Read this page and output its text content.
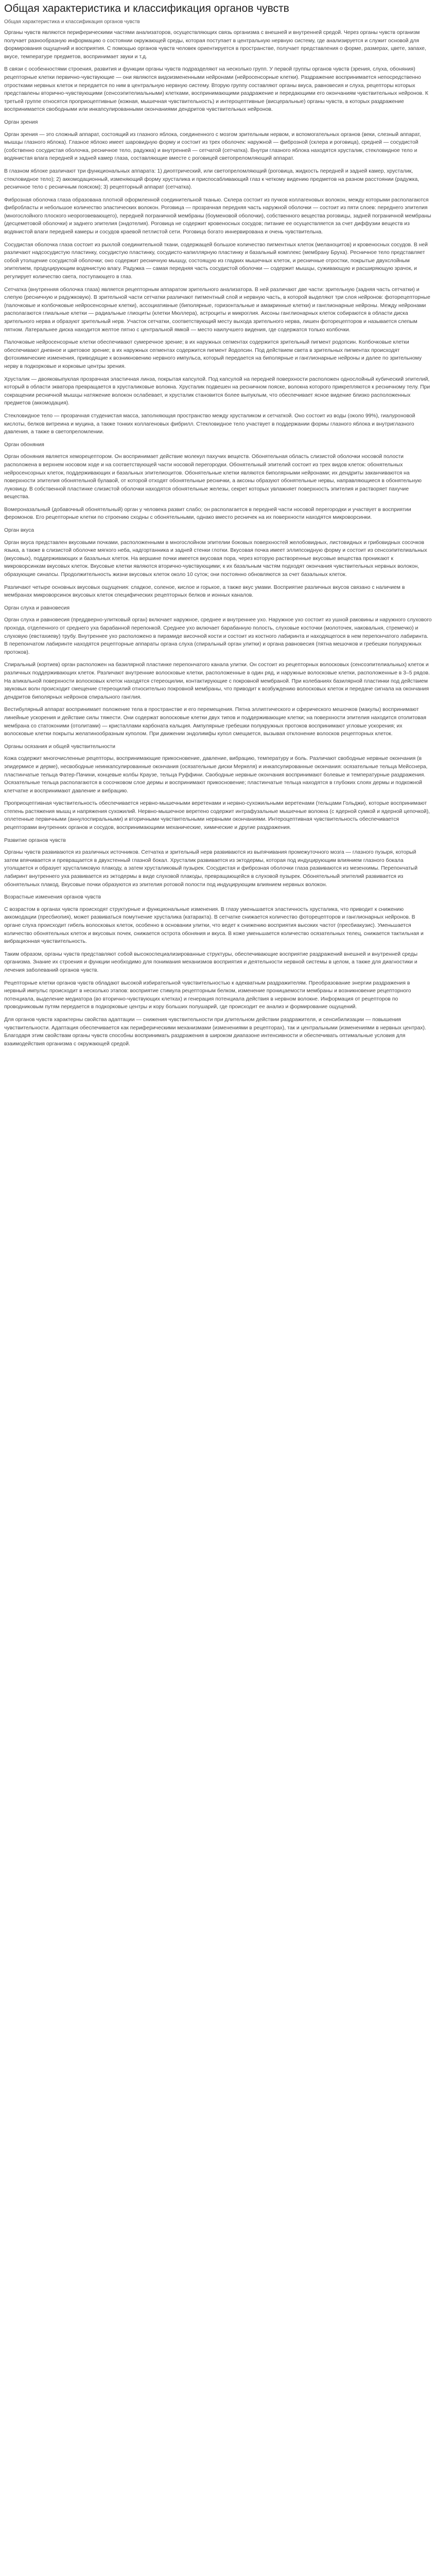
Общая характеристика и классификация органов чувств
Общая характеристика и классификация органов чувств

Органы чувств являются периферическими частями анализаторов, осуществляющих связь организма с внешней и внутренней средой. Через органы чувств организм получает разнообразную информацию о состоянии окружающей среды, которая поступает в центральную нервную систему, где анализируется и служит основой для формирования ощущений и восприятия. С помощью органов чувств человек ориентируется в пространстве, получает представления о форме, размерах, цвете, запахе, вкусе, температуре предметов, воспринимает звуки и т.д.

В связи с особенностями строения, развития и функции органы чувств подразделяют на несколько групп. У первой группы органов чувств (зрения, слуха, обоняния) рецепторные клетки первично-чувствующие — они являются видоизмененными нейронами (нейросенсорные клетки). Раздражение воспринимается непосредственно отростками нервных клеток и передается по ним в центральную нервную систему. Вторую группу составляют органы вкуса, равновесия и слуха, рецепторы которых представлены вторично-чувствующими (сенсоэпителиальными) клетками, воспринимающими раздражение и передающими его окончаниям чувствительных нейронов. К третьей группе относятся проприоцептивные (кожная, мышечная чувствительность) и интероцептивные (висцеральные) органы чувств, в которых раздражение воспринимается свободными или инкапсулированными окончаниями дендритов чувствительных нейронов.

Орган зрения

Орган зрения — это сложный аппарат, состоящий из глазного яблока, соединенного с мозгом зрительным нервом, и вспомогательных органов (веки, слезный аппарат, мышцы глазного яблока). Глазное яблоко имеет шаровидную форму и состоит из трех оболочек: наружной — фиброзной (склера и роговица), средней — сосудистой (собственно сосудистая оболочка, ресничное тело, радужка) и внутренней — сетчатой (сетчатка). Внутри глазного яблока находятся хрусталик, стекловидное тело и водянистая влага передней и задней камер глаза, составляющие вместе с роговицей светопреломляющий аппарат.

В глазном яблоке различают три функциональных аппарата: 1) диоптрический, или светопреломляющий (роговица, жидкость передней и задней камер, хрусталик, стекловидное тело); 2) аккомодационный, изменяющий форму хрусталика и приспосабливающий глаз к четкому видению предметов на разном расстоянии (радужка, ресничное тело с ресничным пояском); 3) рецепторный аппарат (сетчатка).

Фиброзная оболочка глаза образована плотной оформленной соединительной тканью. Склера состоит из пучков коллагеновых волокон, между которыми располагаются фибробласты и небольшое количество эластических волокон. Роговица — прозрачная передняя часть наружной оболочки — состоит из пяти слоев: переднего эпителия (многослойного плоского неороговевающего), передней пограничной мембраны (боуменовой оболочки), собственного вещества роговицы, задней пограничной мембраны (десцеметовой оболочки) и заднего эпителия (эндотелия). Роговица не содержит кровеносных сосудов; питание ее осуществляется за счет диффузии веществ из водянистой влаги передней камеры и сосудов краевой петлистой сети. Роговица богато иннервирована и очень чувствительна.

Сосудистая оболочка глаза состоит из рыхлой соединительной ткани, содержащей большое количество пигментных клеток (меланоцитов) и кровеносных сосудов. В ней различают надсосудистую пластинку, сосудистую пластинку, сосудисто-капиллярную пластинку и базальный комплекс (мембрану Бруха). Ресничное тело представляет собой утолщение сосудистой оболочки; оно содержит ресничную мышцу, состоящую из гладких мышечных клеток, и ресничные отростки, покрытые двухслойным эпителием, продуцирующим водянистую влагу. Радужка — самая передняя часть сосудистой оболочки — содержит мышцы, суживающую и расширяющую зрачок, и регулирует количество света, поступающего в глаз.

Сетчатка (внутренняя оболочка глаза) является рецепторным аппаратом зрительного анализатора. В ней различают две части: зрительную (задняя часть сетчатки) и слепую (ресничную и радужковую). В зрительной части сетчатки различают пигментный слой и нервную часть, в которой выделяют три слоя нейронов: фоторецепторные (палочковые и колбочковые нейросенсорные клетки), ассоциативные (биполярные, горизонтальные и амакринные клетки) и ганглионарные нейроны. Между нейронами располагаются глиальные клетки — радиальные глиоциты (клетки Мюллера), астроциты и микроглия. Аксоны ганглионарных клеток собираются в области диска зрительного нерва и образуют зрительный нерв. Участок сетчатки, соответствующий месту выхода зрительного нерва, лишен фоторецепторов и называется слепым пятном. Латеральнее диска находится желтое пятно с центральной ямкой — место наилучшего видения, где содержатся только колбочки.

Палочковые нейросенсорные клетки обеспечивают сумеречное зрение; в их наружных сегментах содержится зрительный пигмент родопсин. Колбочковые клетки обеспечивают дневное и цветовое зрение; в их наружных сегментах содержится пигмент йодопсин. Под действием света в зрительных пигментах происходят фотохимические изменения, приводящие к возникновению нервного импульса, который передается на биполярные и ганглионарные нейроны и далее по зрительному нерву в подкорковые и корковые центры зрения.

Хрусталик — двояковыпуклая прозрачная эластичная линза, покрытая капсулой. Под капсулой на передней поверхности расположен однослойный кубический эпителий, который в области экватора превращается в хрусталиковые волокна. Хрусталик подвешен на ресничном пояске, волокна которого прикрепляются к ресничному телу. При сокращении ресничной мышцы натяжение волокон ослабевает, и хрусталик становится более выпуклым, что обеспечивает ясное видение близко расположенных предметов (аккомодация).

Стекловидное тело — прозрачная студенистая масса, заполняющая пространство между хрусталиком и сетчаткой. Оно состоит из воды (около 99%), гиалуроновой кислоты, белков витреина и муцина, а также тонких коллагеновых фибрилл. Стекловидное тело участвует в поддержании формы глазного яблока и внутриглазного давления, а также в светопреломлении.

Орган обоняния

Орган обоняния является хеморецептором. Он воспринимает действие молекул пахучих веществ. Обонятельная область слизистой оболочки носовой полости расположена в верхнем носовом ходе и на соответствующей части носовой перегородки. Обонятельный эпителий состоит из трех видов клеток: обонятельных нейросенсорных клеток, поддерживающих и базальных эпителиоцитов. Обонятельные клетки являются биполярными нейронами; их дендриты заканчиваются на поверхности эпителия обонятельной булавой, от которой отходят обонятельные реснички, а аксоны образуют обонятельные нервы, направляющиеся в обонятельную луковицу. В собственной пластинке слизистой оболочки находятся обонятельные железы, секрет которых увлажняет поверхность эпителия и растворяет пахучие вещества.

Вомероназальный (добавочный обонятельный) орган у человека развит слабо; он располагается в передней части носовой перегородки и участвует в восприятии феромонов. Его рецепторные клетки по строению сходны с обонятельными, однако вместо ресничек на их поверхности находятся микроворсинки.

Орган вкуса

Орган вкуса представлен вкусовыми почками, расположенными в многослойном эпителии боковых поверхностей желобовидных, листовидных и грибовидных сосочков языка, а также в слизистой оболочке мягкого неба, надгортанника и задней стенки глотки. Вкусовая почка имеет эллипсоидную форму и состоит из сенсоэпителиальных (вкусовых), поддерживающих и базальных клеток. На вершине почки имеется вкусовая пора, через которую растворенные вкусовые вещества проникают к микроворсинкам вкусовых клеток. Вкусовые клетки являются вторично-чувствующими; к их базальным частям подходят окончания чувствительных нервных волокон, образующие синапсы. Продолжительность жизни вкусовых клеток около 10 суток; они постоянно обновляются за счет базальных клеток.

Различают четыре основных вкусовых ощущения: сладкое, соленое, кислое и горькое, а также вкус умами. Восприятие различных вкусов связано с наличием в мембранах микроворсинок вкусовых клеток специфических рецепторных белков и ионных каналов.

Орган слуха и равновесия

Орган слуха и равновесия (преддверно-улитковый орган) включает наружное, среднее и внутреннее ухо. Наружное ухо состоит из ушной раковины и наружного слухового прохода, отделенного от среднего уха барабанной перепонкой. Среднее ухо включает барабанную полость, слуховые косточки (молоточек, наковальня, стремечко) и слуховую (евстахиеву) трубу. Внутреннее ухо расположено в пирамиде височной кости и состоит из костного лабиринта и находящегося в нем перепончатого лабиринта. В перепончатом лабиринте находятся рецепторные аппараты органа слуха (спиральный орган улитки) и органа равновесия (пятна мешочков и гребешки полукружных протоков).

Спиральный (кортиев) орган расположен на базилярной пластинке перепончатого канала улитки. Он состоит из рецепторных волосковых (сенсоэпителиальных) клеток и различных поддерживающих клеток. Различают внутренние волосковые клетки, расположенные в один ряд, и наружные волосковые клетки, расположенные в 3–5 рядов. На апикальной поверхности волосковых клеток находятся стереоцилии, контактирующие с покровной мембраной. При колебаниях базилярной пластинки под действием звуковых волн происходит смещение стереоцилий относительно покровной мембраны, что приводит к возбуждению волосковых клеток и передаче сигнала на окончания дендритов биполярных нейронов спирального ганглия.

Вестибулярный аппарат воспринимает положение тела в пространстве и его перемещения. Пятна эллиптического и сферического мешочков (макулы) воспринимают линейные ускорения и действие силы тяжести. Они содержат волосковые клетки двух типов и поддерживающие клетки; на поверхности эпителия находится отолитовая мембрана со статоконими (отолитами) — кристаллами карбоната кальция. Ампулярные гребешки полукружных протоков воспринимают угловые ускорения; их волосковые клетки покрыты желатинообразным куполом. При движении эндолимфы купол смещается, вызывая отклонение волосков рецепторных клеток.

Органы осязания и общей чувствительности

Кожа содержит многочисленные рецепторы, воспринимающие прикосновение, давление, вибрацию, температуру и боль. Различают свободные нервные окончания (в эпидермисе и дерме), несвободные неинкапсулированные окончания (осязательные диски Меркеля) и инкапсулированные окончания: осязательные тельца Мейсснера, пластинчатые тельца Фатер-Пачини, концевые колбы Краузе, тельца Руффини. Свободные нервные окончания воспринимают болевые и температурные раздражения. Осязательные тельца располагаются в сосочковом слое дермы и воспринимают прикосновение; пластинчатые тельца находятся в глубоких слоях дермы и подкожной клетчатке и воспринимают давление и вибрацию.

Проприоцептивная чувствительность обеспечивается нервно-мышечными веретенами и нервно-сухожильными веретенами (тельцами Гольджи), которые воспринимают степень растяжения мышц и напряжения сухожилий. Нервно-мышечное веретено содержит интрафузальные мышечные волокна (с ядерной сумкой и ядерной цепочкой), оплетенные первичными (аннулоспиральными) и вторичными чувствительными нервными окончаниями. Интероцептивная чувствительность обеспечивается рецепторами внутренних органов и сосудов, воспринимающими механические, химические и другие раздражения.

Развитие органов чувств

Органы чувств развиваются из различных источников. Сетчатка и зрительный нерв развиваются из выпячивания промежуточного мозга — глазного пузыря, который затем впячивается и превращается в двухстенный глазной бокал. Хрусталик развивается из эктодермы, которая под индуцирующим влиянием глазного бокала утолщается и образует хрусталиковую плакоду, а затем хрусталиковый пузырек. Сосудистая и фиброзная оболочки глаза развиваются из мезенхимы. Перепончатый лабиринт внутреннего уха развивается из эктодермы в виде слуховой плакоды, превращающейся в слуховой пузырек. Обонятельный эпителий развивается из обонятельных плакод. Вкусовые почки образуются из эпителия ротовой полости под индуцирующим влиянием нервных волокон.

Возрастные изменения органов чувств

С возрастом в органах чувств происходят структурные и функциональные изменения. В глазу уменьшается эластичность хрусталика, что приводит к снижению аккомодации (пресбиопия), может развиваться помутнение хрусталика (катаракта). В сетчатке снижается количество фоторецепторов и ганглионарных нейронов. В органе слуха происходит гибель волосковых клеток, особенно в основании улитки, что ведет к снижению восприятия высоких частот (пресбиакузис). Уменьшается количество обонятельных клеток и вкусовых почек, снижается острота обоняния и вкуса. В коже уменьшается количество осязательных телец, снижается тактильная и вибрационная чувствительность.

Таким образом, органы чувств представляют собой высокоспециализированные структуры, обеспечивающие восприятие раздражений внешней и внутренней среды организма. Знание их строения и функции необходимо для понимания механизмов восприятия и деятельности нервной системы в целом, а также для диагностики и лечения заболеваний органов чувств.

Рецепторные клетки органов чувств обладают высокой избирательной чувствительностью к адекватным раздражителям. Преобразование энергии раздражения в нервный импульс происходит в несколько этапов: восприятие стимула рецепторным белком, изменение проницаемости мембраны и возникновение рецепторного потенциала, выделение медиатора (во вторично-чувствующих клетках) и генерация потенциала действия в нервном волокне. Информация от рецепторов по проводниковым путям передается в подкорковые центры и кору больших полушарий, где происходит ее анализ и формирование ощущений.

Для органов чувств характерны свойства адаптации — снижения чувствительности при длительном действии раздражителя, и сенсибилизации — повышения чувствительности. Адаптация обеспечивается как периферическими механизмами (изменениями в рецепторах), так и центральными (изменениями в нервных центрах). Благодаря этим свойствам органы чувств способны воспринимать раздражения в широком диапазоне интенсивности и обеспечивать оптимальные условия для взаимодействия организма с окружающей средой.
